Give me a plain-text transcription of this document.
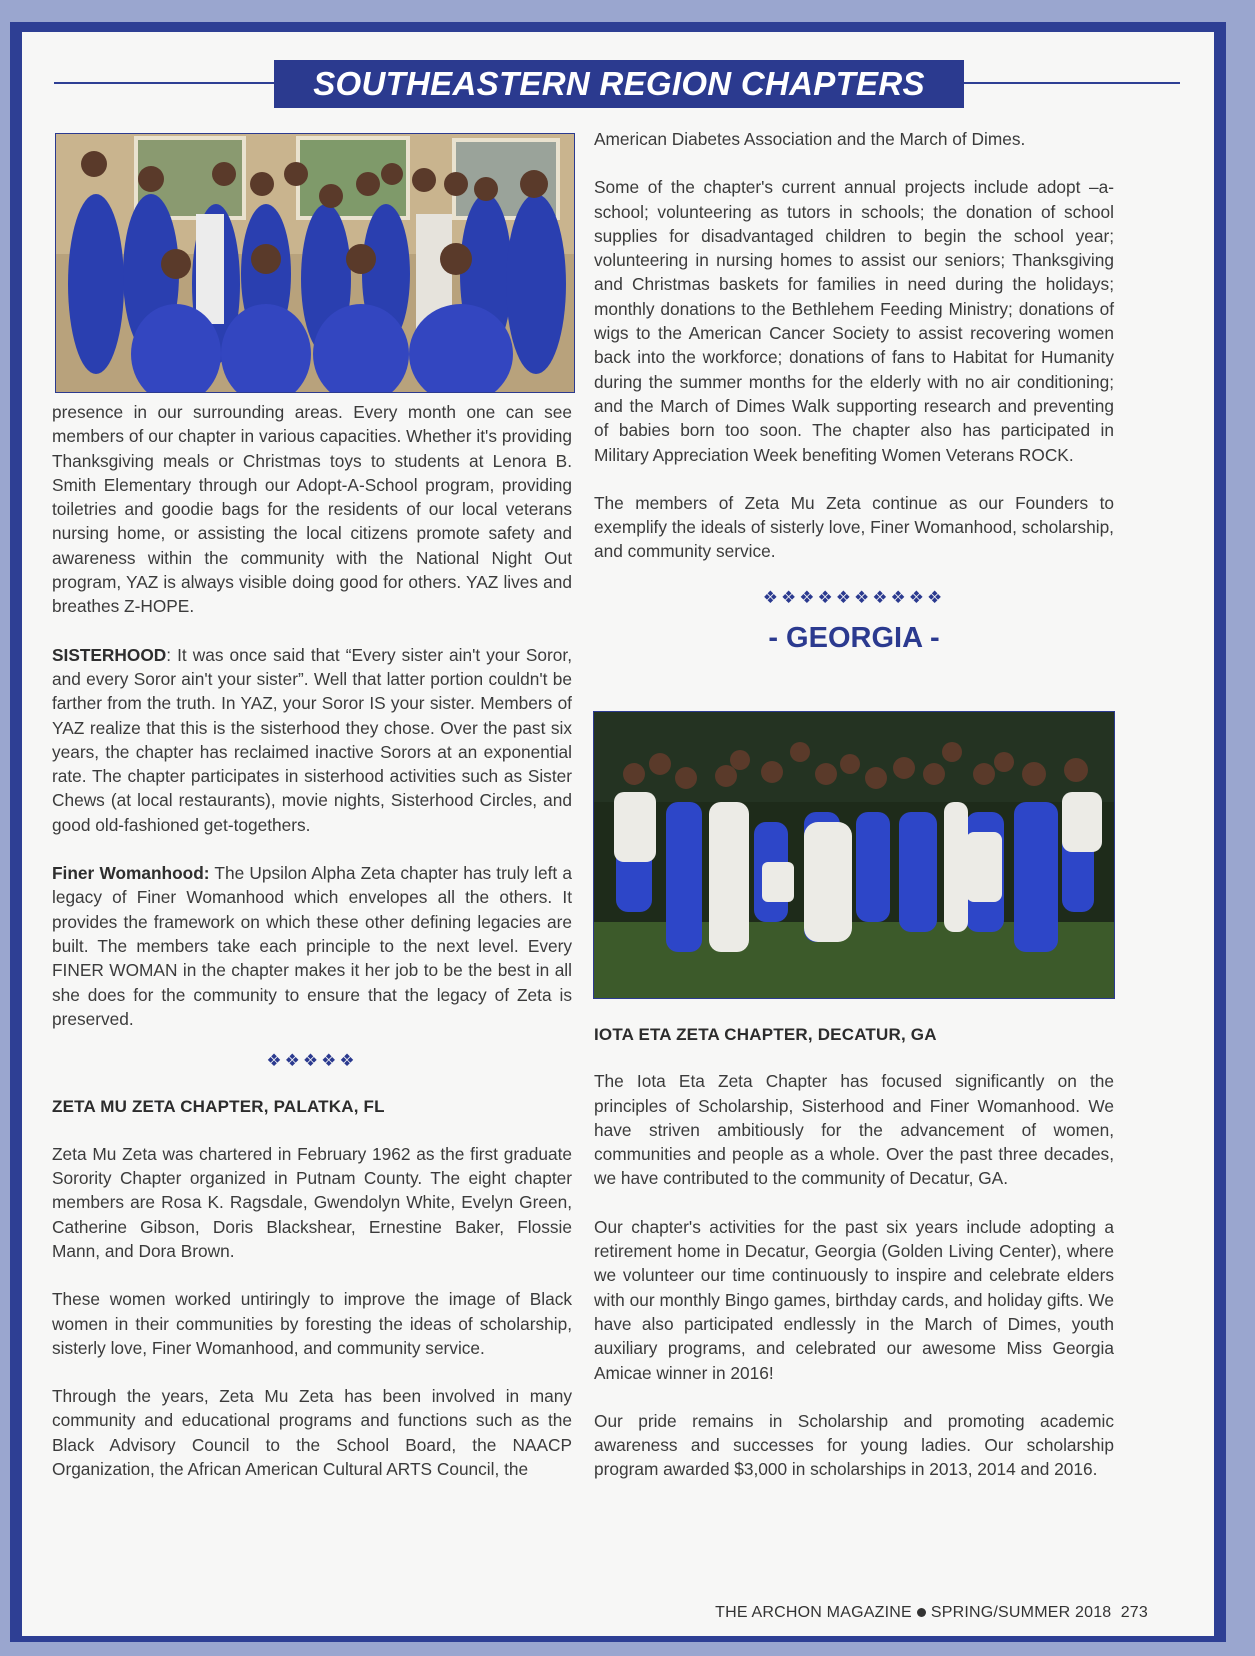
SOUTHEASTERN REGION CHAPTERS

presence in our surrounding areas. Every month one can see members of our chapter in various capacities. Whether it's providing Thanksgiving meals or Christmas toys to students at Lenora B. Smith Elementary through our Adopt-A-School program, providing toiletries and goodie bags for the residents of our local veterans nursing home, or assisting the local citizens promote safety and awareness within the community with the National Night Out program, YAZ is always visible doing good for others. YAZ lives and breathes Z-HOPE.

SISTERHOOD: It was once said that “Every sister ain't your Soror, and every Soror ain't your sister”. Well that latter portion couldn't be farther from the truth. In YAZ, your Soror IS your sister. Members of YAZ realize that this is the sisterhood they chose. Over the past six years, the chapter has reclaimed inactive Sorors at an exponential rate. The chapter participates in sisterhood activities such as Sister Chews (at local restaurants), movie nights, Sisterhood Circles, and good old-fashioned get-togethers.

Finer Womanhood: The Upsilon Alpha Zeta chapter has truly left a legacy of Finer Womanhood which envelopes all the others. It provides the framework on which these other defining legacies are built. The members take each principle to the next level. Every FINER WOMAN in the chapter makes it her job to be the best in all she does for the community to ensure that the legacy of Zeta is preserved.

❖❖❖❖❖
ZETA MU ZETA CHAPTER, PALATKA, FL

Zeta Mu Zeta was chartered in February 1962 as the first graduate Sorority Chapter organized in Putnam County. The eight chapter members are Rosa K. Ragsdale, Gwendolyn White, Evelyn Green, Catherine Gibson, Doris Blackshear, Ernestine Baker, Flossie Mann, and Dora Brown.

These women worked untiringly to improve the image of Black women in their communities by foresting the ideas of scholarship, sisterly love, Finer Womanhood, and community service.

Through the years, Zeta Mu Zeta has been involved in many community and educational programs and functions such as the Black Advisory Council to the School Board, the NAACP Organization, the African American Cultural ARTS Council, the

American Diabetes Association and the March of Dimes.

Some of the chapter's current annual projects include adopt –a-school; volunteering as tutors in schools; the donation of school supplies for disadvantaged children to begin the school year; volunteering in nursing homes to assist our seniors; Thanksgiving and Christmas baskets for families in need during the holidays; monthly donations to the Bethlehem Feeding Ministry; donations of wigs to the American Cancer Society to assist recovering women back into the workforce; donations of fans to Habitat for Humanity during the summer months for the elderly with no air conditioning; and the March of Dimes Walk supporting research and preventing of babies born too soon. The chapter also has participated in Military Appreciation Week benefiting Women Veterans ROCK.

The members of Zeta Mu Zeta continue as our Founders to exemplify the ideals of sisterly love, Finer Womanhood, scholarship, and community service.

❖❖❖❖❖❖❖❖❖❖
- GEORGIA -
IOTA ETA ZETA CHAPTER, DECATUR, GA

The Iota Eta Zeta Chapter has focused significantly on the principles of Scholarship, Sisterhood and Finer Womanhood. We have striven ambitiously for the advancement of women, communities and people as a whole. Over the past three decades, we have contributed to the community of Decatur, GA.

Our chapter's activities for the past six years include adopting a retirement home in Decatur, Georgia (Golden Living Center), where we volunteer our time continuously to inspire and celebrate elders with our monthly Bingo games, birthday cards, and holiday gifts. We have also participated endlessly in the March of Dimes, youth auxiliary programs, and celebrated our awesome Miss Georgia Amicae winner in 2016!

Our pride remains in Scholarship and promoting academic awareness and successes for young ladies. Our scholarship program awarded $3,000 in scholarships in 2013, 2014 and 2016.

THE ARCHON MAGAZINE SPRING/SUMMER 2018 273
